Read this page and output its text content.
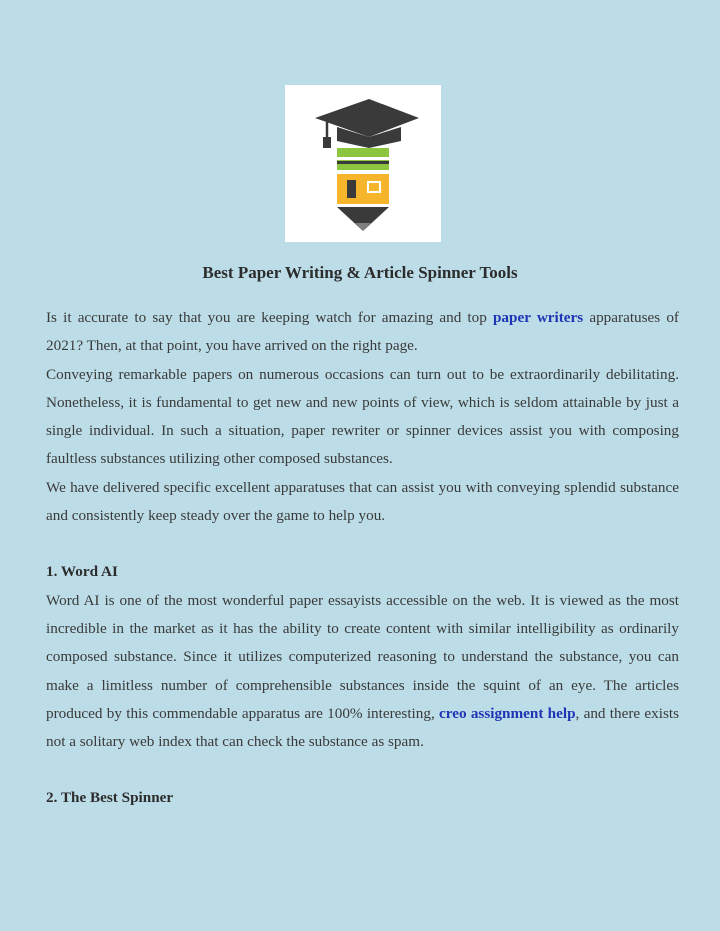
Best Paper Writing & Article Spinner Tools

Is it accurate to say that you are keeping watch for amazing and top paper writers apparatuses of 2021? Then, at that point, you have arrived on the right page.

Conveying remarkable papers on numerous occasions can turn out to be extraordinarily debilitating. Nonetheless, it is fundamental to get new and new points of view, which is seldom attainable by just a single individual. In such a situation, paper rewriter or spinner devices assist you with composing faultless substances utilizing other composed substances.

We have delivered specific excellent apparatuses that can assist you with conveying splendid substance and consistently keep steady over the game to help you.

1. Word AI

Word AI is one of the most wonderful paper essayists accessible on the web. It is viewed as the most incredible in the market as it has the ability to create content with similar intelligibility as ordinarily composed substance. Since it utilizes computerized reasoning to understand the substance, you can make a limitless number of comprehensible substances inside the squint of an eye. The articles produced by this commendable apparatus are 100% interesting, creo assignment help, and there exists not a solitary web index that can check the substance as spam.

2. The Best Spinner
